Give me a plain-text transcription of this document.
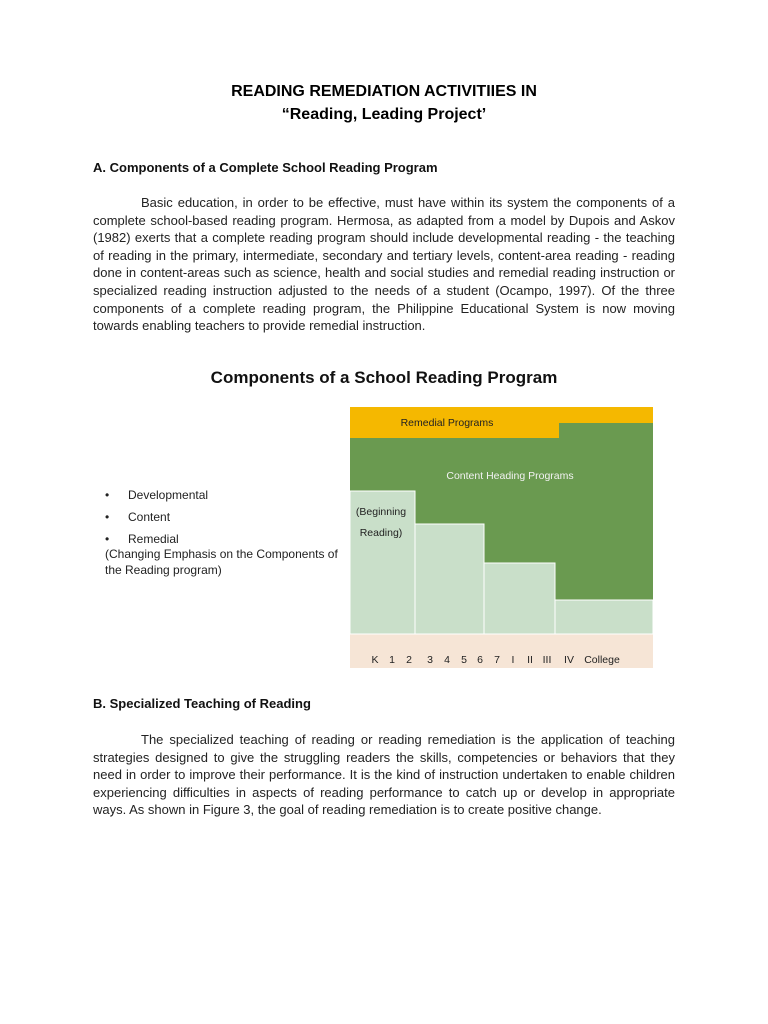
READING REMEDIATION ACTIVITIIES IN
“Reading, Leading Project’
A. Components of a Complete School Reading Program
Basic education, in order to be effective, must have within its system the components of a complete school-based reading program. Hermosa, as adapted from a model by Dupois and Askov (1982) exerts that a complete reading program should include developmental reading - the teaching of reading in the primary, intermediate, secondary and tertiary levels, content-area reading - reading done in content-areas such as science, health and social studies and remedial reading instruction or specialized reading instruction adjusted to the needs of a student (Ocampo, 1997). Of the three components of a complete reading program, the Philippine Educational System is now moving towards enabling teachers to provide remedial instruction.
Components of a School Reading Program
• Developmental
• Content
• Remedial
(Changing Emphasis on the Components of the Reading program)
Remedial Programs
Content Heading Programs
(Beginning
Reading)
K 1 2 3 4 5 6 7 I II III IV College
B. Specialized Teaching of Reading
The specialized teaching of reading or reading remediation is the application of teaching strategies designed to give the struggling readers the skills, competencies or behaviors that they need in order to improve their performance. It is the kind of instruction undertaken to enable children experiencing difficulties in aspects of reading performance to catch up or develop in appropriate ways. As shown in Figure 3, the goal of reading remediation is to create positive change.
